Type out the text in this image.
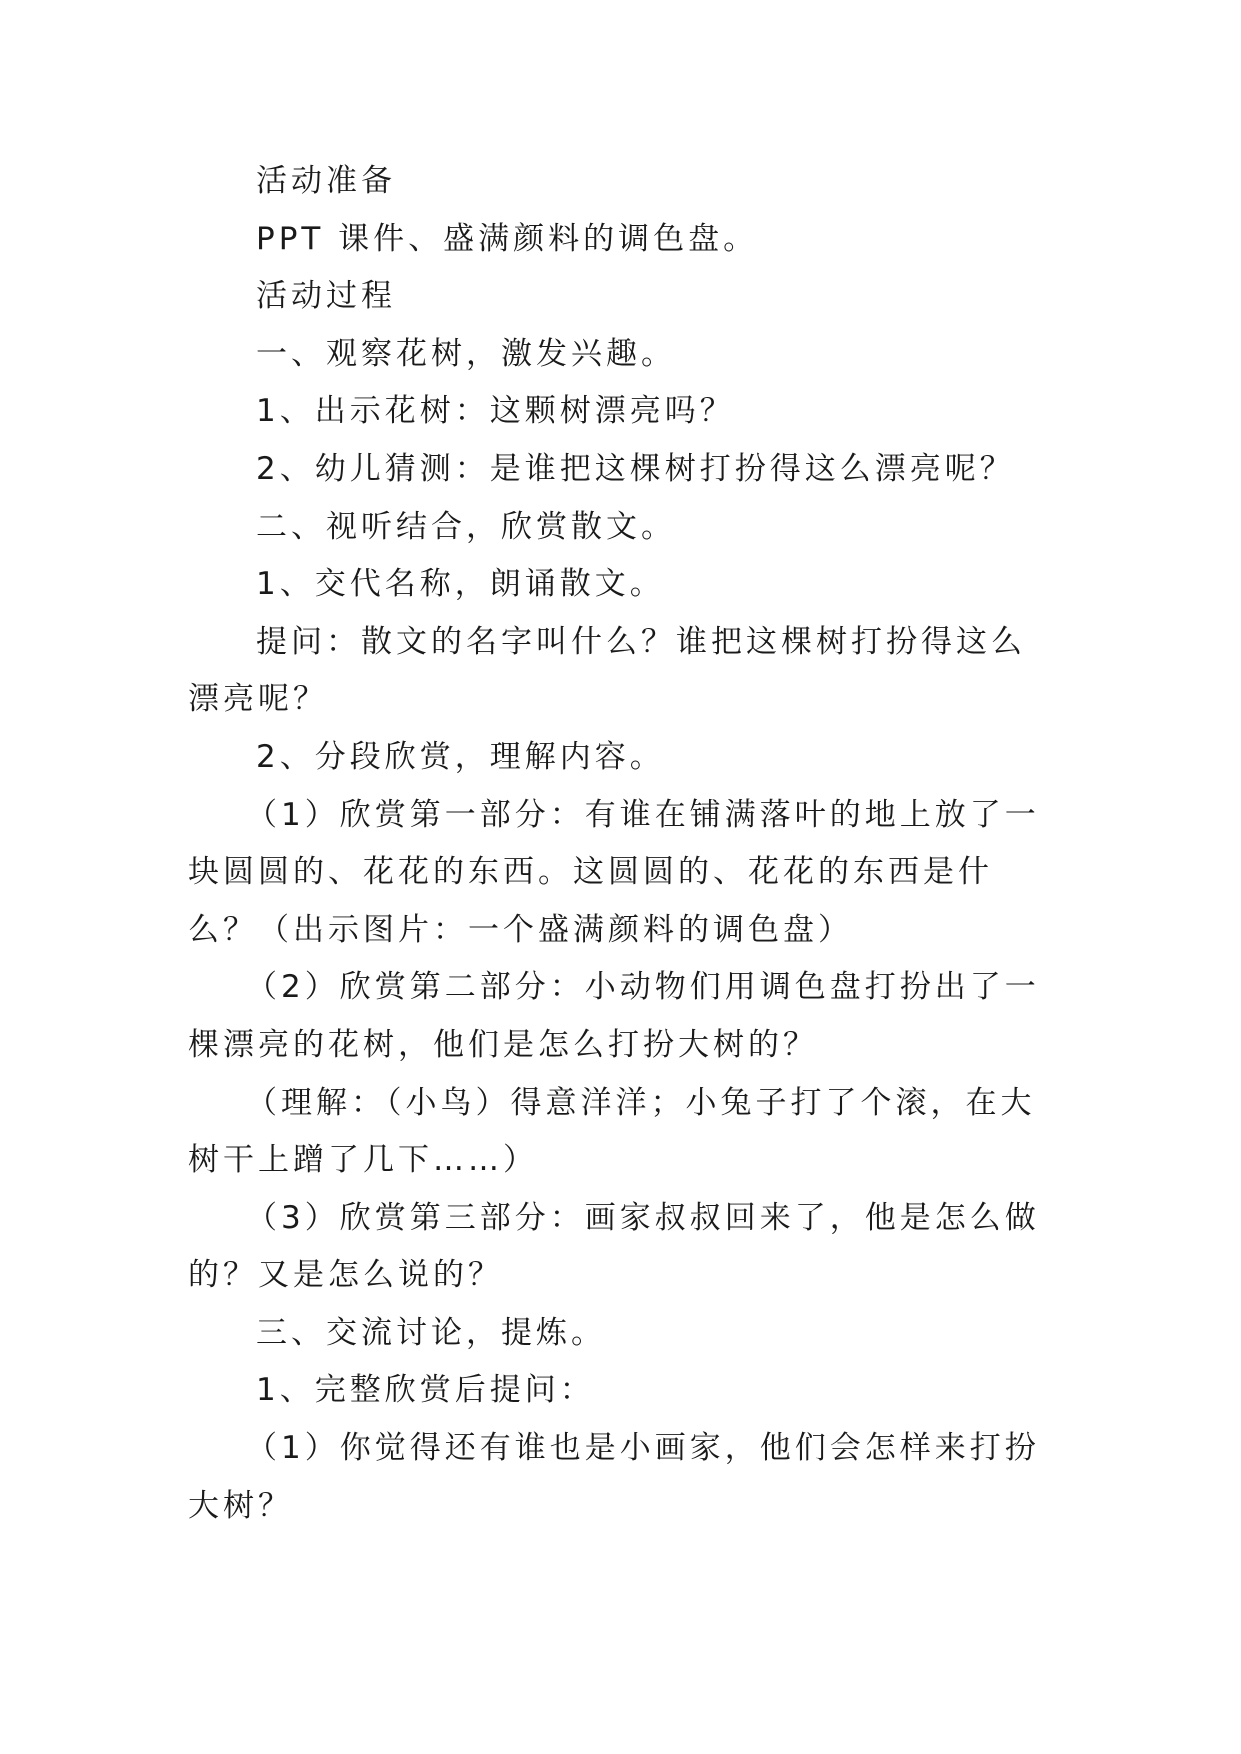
活动准备

PPT 课件、盛满颜料的调色盘。

活动过程

一、观察花树，激发兴趣。

1、出示花树：这颗树漂亮吗？

2、幼儿猜测：是谁把这棵树打扮得这么漂亮呢？

二、视听结合，欣赏散文。

1、交代名称，朗诵散文。

提问：散文的名字叫什么？谁把这棵树打扮得这么漂亮呢？

2、分段欣赏，理解内容。

（1）欣赏第一部分：有谁在铺满落叶的地上放了一块圆圆的、花花的东西。这圆圆的、花花的东西是什么？（出示图片：一个盛满颜料的调色盘）

（2）欣赏第二部分：小动物们用调色盘打扮出了一棵漂亮的花树，他们是怎么打扮大树的？

（理解：（小鸟）得意洋洋；小兔子打了个滚，在大树干上蹭了几下……）

（3）欣赏第三部分：画家叔叔回来了，他是怎么做的？又是怎么说的？

三、交流讨论，提炼。

1、完整欣赏后提问：

（1）你觉得还有谁也是小画家，他们会怎样来打扮大树？
